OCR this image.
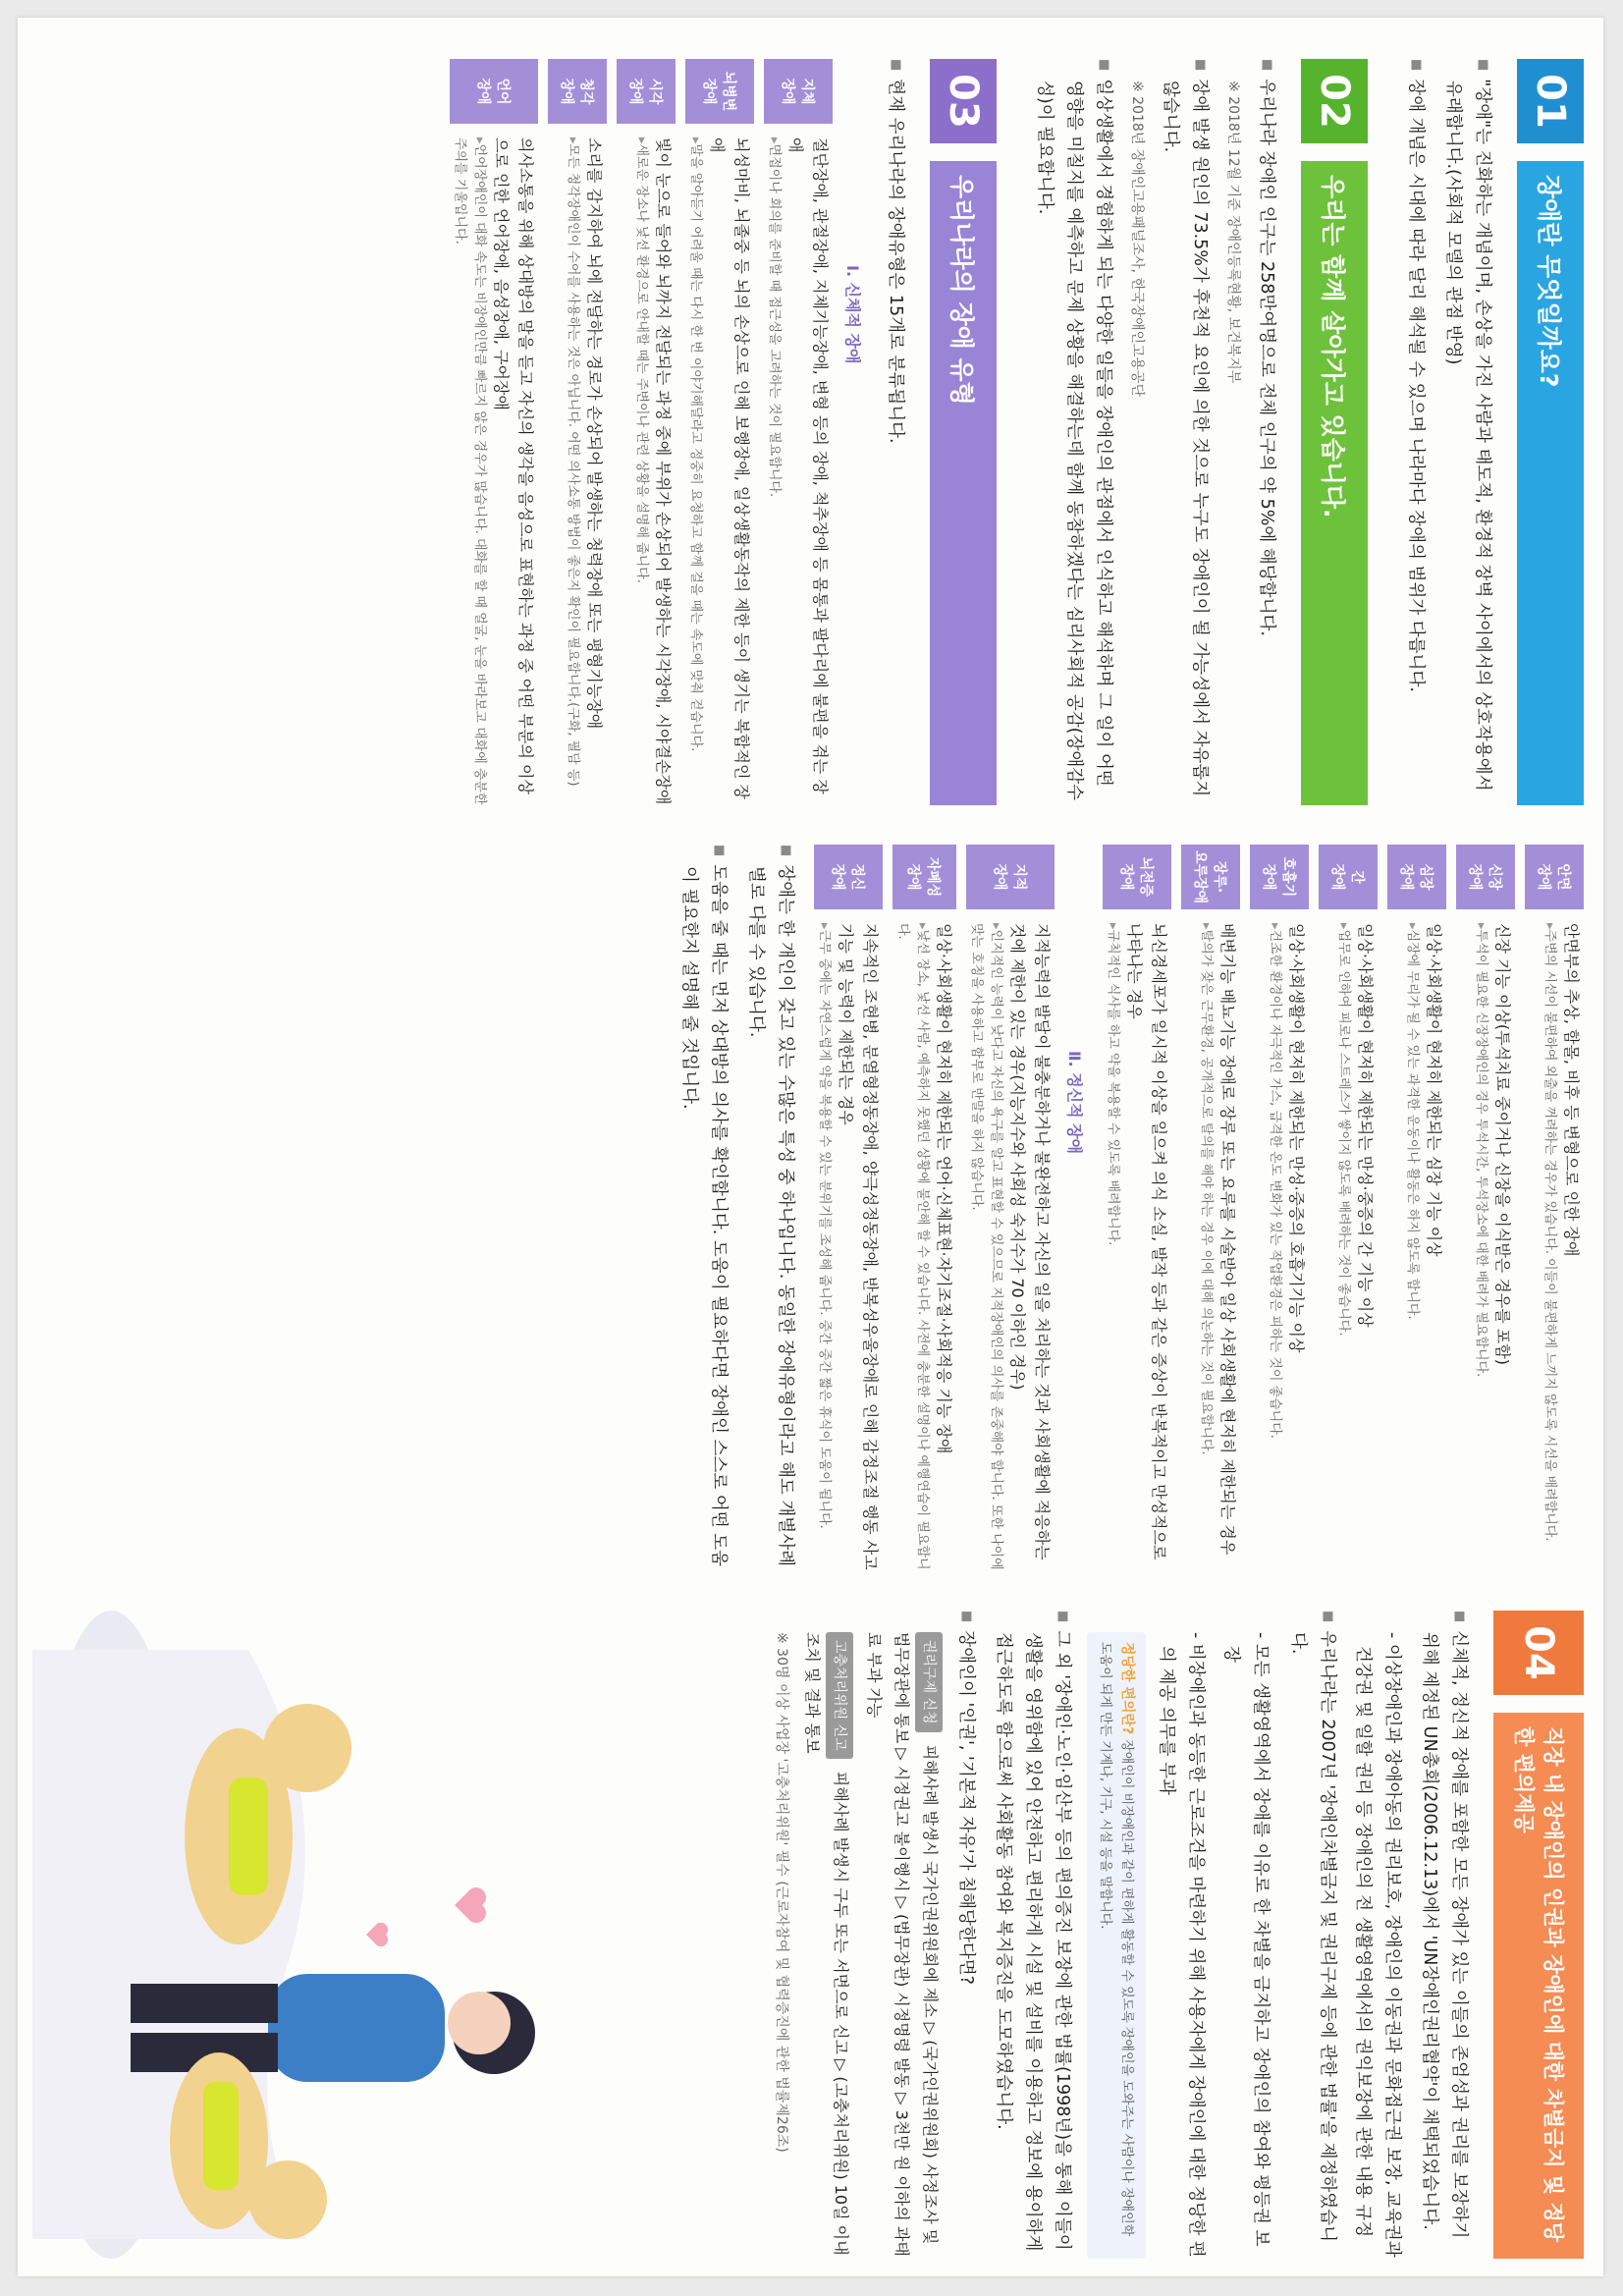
01
장애란 무엇일까요?

■ "장애"는 진화하는 개념이며, 손상을 가진 사람과 태도적, 환경적 장벽 사이에서의 상호작용에서 유래합니다.(사회적 모델의 관점 반영)

■ 장애 개념은 시대에 따라 달리 해석될 수 있으며 나라마다 장애의 범위가 다릅니다.

02
우리는 함께 살아가고 있습니다.

■ 우리나라 장애인 인구는 258만여명으로 전체 인구의 약 5%에 해당합니다.

※ 2018년 12월 기준 장애인등록현황, 보건복지부

■ 장애 발생 원인의 73.5%가 후천적 요인에 의한 것으로 누구도 장애인이 될 가능성에서 자유롭지 않습니다.

※ 2018년 장애인고용패널조사, 한국장애인고용공단

■ 일상생활에서 경험하게 되는 다양한 일들을 장애인의 관점에서 인식하고 해석하며 그 일이 어떤 영향을 미칠지를 예측하고 문제 상황을 해결하는데 함께 동참하겠다는 심리사회적 공감(장애감수성)이 필요합니다.

03
우리나라의 장애 유형

■ 현재 우리나라의 장애유형은 15개로 분류됩니다.

Ⅰ. 신체적 장애
지체
장애
절단장애, 관절장애, 지체기능장애, 변형 등의 장애, 척추장애 등 몸통과 팔다리에 불편을 겪는 장애
▸ 면접이나 회의를 준비할 때 접근성을 고려하는 것이 필요합니다.
뇌병변
장애
뇌성마비, 뇌졸중 등 뇌의 손상으로 인해 보행장애, 일상생활동작의 제한 등이 생기는 복합적인 장애
▸ 말을 알아듣기 어려울 때는 다시 한 번 이야기해달라고 정중히 요청하고 함께 걸을 때는 속도에 맞춰 걷습니다.
시각
장애
빛이 눈으로 들어와 뇌까지 전달되는 과정 중에 부위가 손상되어 발생하는 시각장애, 시야결손장애
▸ 새로운 장소나 낯선 환경으로 안내할 때는 주변이나 관련 상황을 설명해 줍니다.
청각
장애
소리를 감지하여 뇌에 전달하는 경로가 손상되어 발생하는 청력장애 또는 평형기능장애
▸ 모든 청각장애인이 수어를 사용하는 것은 아닙니다. 어떤 의사소통 방법이 좋은지 확인이 필요합니다.(구화, 필담 등)
언어
장애
의사소통을 위해 상대방의 말을 듣고 자신의 생각을 음성으로 표현하는 과정 중 어떤 부분의 이상으로 인한 언어장애, 음성장애, 구어장애
▸ 언어장애인이 대화 속도는 비장애인만큼 빠르지 않은 경우가 많습니다. 대화를 할 때 얼굴, 눈을 바라보고 대화에 충분한 주의를 기울입니다.
안면
장애
안면부의 추상, 함몰, 비후 등 변형으로 인한 장애
▸ 주변의 시선이 불편하여 외출을 꺼려하는 경우가 있습니다. 이들이 불편하게 느끼지 않도록 시선을 배려합니다.
신장
장애
신장 기능 이상(투석치료 중이거나 신장을 이식받은 경우를 포함)
▸ 투석이 필요한 신장장애인의 경우 투석시간, 투석장소에 대한 배려가 필요합니다.
심장
장애
일상·사회생활이 현저히 제한되는 심장 기능 이상
▸ 심장에 무리가 될 수 있는 과격한 운동이나 활동은 하지 않도록 합니다.
간
장애
일상·사회생활이 현저히 제한되는 만성·중증의 간 기능 이상
▸ 업무로 인하여 피로나 스트레스가 쌓이지 않도록 배려하는 것이 좋습니다.
호흡기
장애
일상·사회생활이 현저히 제한되는 만성·중증의 호흡기기능 이상
▸ 건조한 환경이나 자극적인 가스, 급격한 온도 변화가 있는 작업환경은 피하는 것이 좋습니다.
장루·
요루장애
배변기능 배뇨기능 장애로 장루 또는 요루를 시술받아 일상 사회생활에 현저히 제한되는 경우
▸ 탈의가 잦은 근무환경, 공개적으로 탈의를 해야 하는 경우 이에 대해 의논하는 것이 필요합니다.
뇌전증
장애
뇌신경세포가 일시적 이상을 일으켜 의식 소실, 발작 등과 같은 증상이 반복적이고 만성적으로 나타나는 경우
▸ 규칙적인 식사를 하고 약을 복용할 수 있도록 배려합니다.
Ⅱ. 정신적 장애
지적
장애
지적능력의 발달이 불충분하거나 불완전하고 자신의 일을 처리하는 것과 사회생활에 적응하는 것에 제한이 있는 경우(지능지수와 사회성 숙지수가 70 이하인 경우)
▸ 인지적인 능력이 낮다고 자신의 욕구를 알고 표현할 수 있으므로 지적장애인의 의사를 존중해야 합니다. 또한 나이에 맞는 호칭을 사용하고 함부로 반말을 하지 않습니다.
자폐성
장애
일상·사회생활이 현저히 제한되는 언어·신체표현·자기조절·사회적응 기능 장애
▸ 낯선 장소, 낯선 사람, 예측하지 못했던 상황에 불안해 할 수 있습니다. 사전에 충분한 설명이나 예행연습이 필요합니다.
정신
장애
지속적인 조현병, 분열형정동장애, 양극성정동장애, 반복성우울장애로 인해 감정조절 행동 사고 기능 및 능력이 제한되는 경우
▸ 근무 중에는 자연스럽게 약을 복용할 수 있는 분위기를 조성해 줍니다. 중간 중간 짧은 휴식이 도움이 됩니다.

■ 장애는 한 개인이 갖고 있는 수많은 특성 중 하나입니다. 동일한 장애유형이라고 해도 개별사례별로 다를 수 있습니다.

■ 도움을 줄 때는 먼저 상대방의 의사를 확인합니다. 도움이 필요하다면 장애인 스스로 어떤 도움이 필요한지 설명해 줄 것입니다.

04
직장 내 장애인의 인권과 장애인에 대한 차별금지 및 정당한 편의제공

■ 신체적, 정신적 장애를 포함한 모든 장애가 있는 이들의 존엄성과 권리를 보장하기 위해 제정된 UN총회(2006.12.13)에서 'UN장애인권리협약'이 채택되었습니다.

- 이상장애인과 장애아동의 권리보호, 장애인의 이동권과 문화접근권 보장, 교육권과 건강권 및 일할 권리 등 장애인의 전 생활영역에서의 권익보장에 관한 내용 규정

■ 우리나라는 2007년 '장애인차별금지 및 권리구제 등에 관한 법률'을 제정하였습니다.

- 모든 생활영역에서 장애를 이유로 한 차별을 금지하고 장애인의 참여와 평등권 보장

- 비장애인과 동등한 근로조건을 마련하기 위해 사용자에게 장애인에 대한 정당한 편의 제공 의무를 부과

정당한 편의란? 장애인이 비장애인과 같이 편하게 활동할 수 있도록 장애인을 도와주는 사람이나 장애인학 도움이 되게 만든 기계나, 기구, 시설 등을 말합니다.

■ 그 외 '장애인·노인·임산부 등의 편의증진 보장에 관한 법률(1998년)을 통해 이들이 생활을 영위함에 있어 안전하고 편리하게 시설 및 설비를 이용하고 정보에 용이하게 접근하도록 함으로써 사회활동 참여와 복지증진을 도모하였습니다.

■ 장애인이 '인권', '기본적 자유'가 침해당한다면?

권리구제 신청 피해사례 발생시 국가인권위원회에 제소 ▷ (국가인권위원회) 사정조사 및 법무장관에 통보 ▷ 시정권고 불이행시 ▷ (법무장관) 시정명령 발동 ▷ 3천만 원 이하의 과태료 부과 가능
고충처리위원 신고 피해사례 발생시 구두 또는 서면으로 신고 ▷ (고충처리위원) 10일 이내 조치 및 결과 통보

※ 30명 이상 사업장 '고충처리위원' 필수 (근로자참여 및 협력증진에 관한 법률제26조)
